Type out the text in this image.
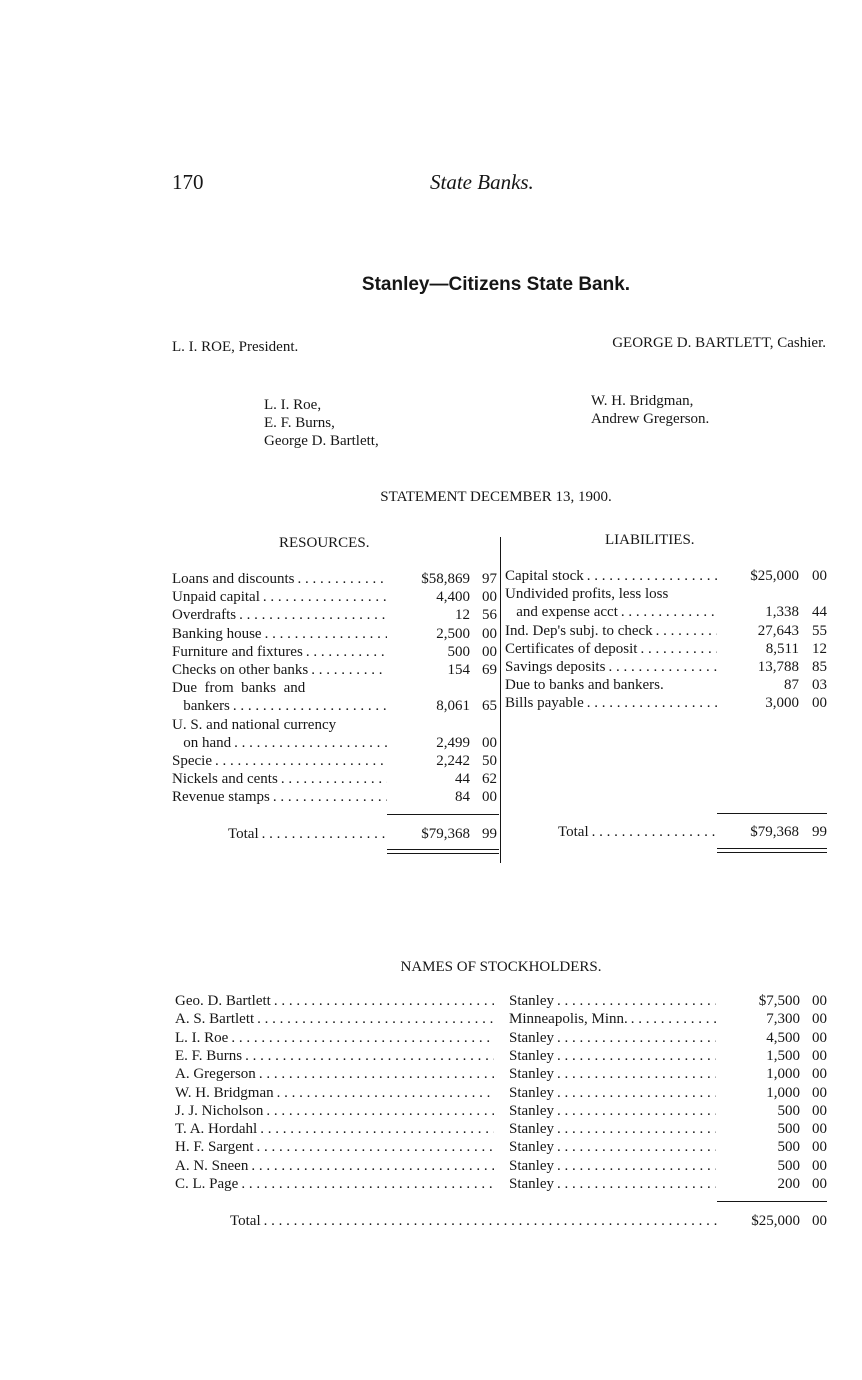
170	State Banks.
Stanley—Citizens State Bank.
L. I. ROE, President.	GEORGE D. BARTLETT, Cashier.
L. I. Roe,
E. F. Burns,
George D. Bartlett,
W. H. Bridgman,
Andrew Gregerson.
STATEMENT DECEMBER 13, 1900.
RESOURCES.	LIABILITIES.
Loans and discounts . . .	$58,869 97
Unpaid capital . . .	4,400 00
Overdrafts . . .	12 56
Banking house . . .	2,500 00
Furniture and fixtures . . .	500 00
Checks on other banks . . .	154 69
Due  from  banks  and
bankers . . .	8,061 65
U. S. and national currency
on hand . . .	2,499 00
Specie . . .	2,242 50
Nickels and cents . . .	44 62
Revenue stamps . . .	84 00
Total . . .	$79,368 99
Capital stock . . .	$25,000 00
Undivided profits, less loss
and expense acct . . .	1,338 44
Ind. Dep's subj. to check . . .	27,643 55
Certificates of deposit . . .	8,511 12
Savings deposits . . .	13,788 85
Due to banks and bankers.	87 03
Bills payable . . .	3,000 00
Total . . .	$79,368 99
NAMES OF STOCKHOLDERS.
Geo. D. Bartlett . . .	Stanley . . .	$7,500 00
A. S. Bartlett . . .	Minneapolis, Minn. . . .	7,300 00
L. I. Roe . . .	Stanley . . .	4,500 00
E. F. Burns . . .	Stanley . . .	1,500 00
A. Gregerson . . .	Stanley . . .	1,000 00
W. H. Bridgman . . .	Stanley . . .	1,000 00
J. J. Nicholson . . .	Stanley . . .	500 00
T. A. Hordahl . . .	Stanley . . .	500 00
H. F. Sargent . . .	Stanley . . .	500 00
A. N. Sneen . . .	Stanley . . .	500 00
C. L. Page . . .	Stanley . . .	200 00
Total . . .	$25,000 00
